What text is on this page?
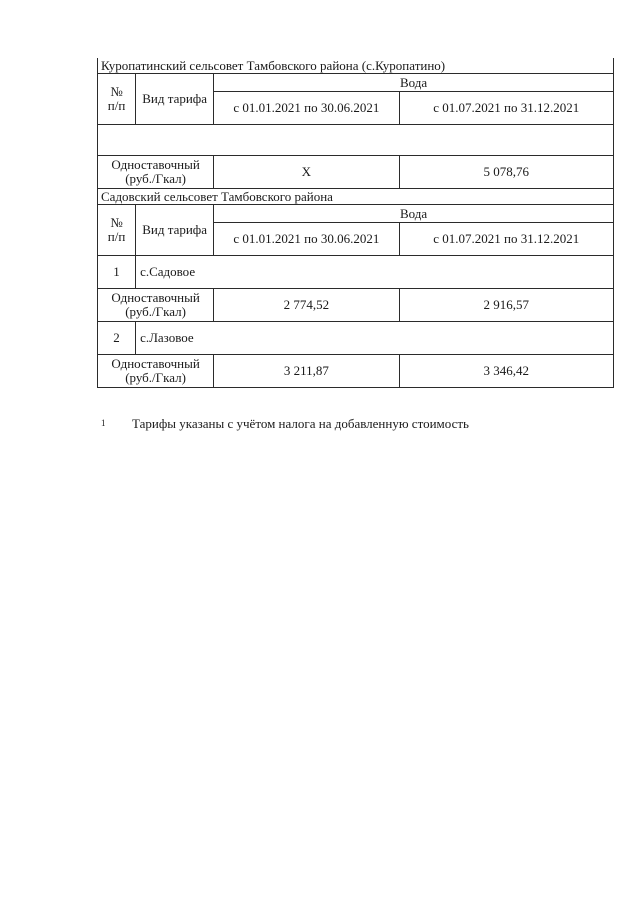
Куропатинский сельсовет Тамбовского района (с.Куропатино)			
№
п/п	Вид тарифа	Вода	
		с 01.01.2021 по 30.06.2021	с 01.07.2021 по 31.12.2021

Одноставочный
(руб./Гкал)		Х	5 078,76
Садовский сельсовет Тамбовского района			
№
п/п	Вид тарифа	Вода	
		с 01.01.2021 по 30.06.2021	с 01.07.2021 по 31.12.2021
1	с.Садовое		
Одноставочный
(руб./Гкал)		2 774,52	2 916,57
2	с.Лазовое		
Одноставочный
(руб./Гкал)		3 211,87	3 346,42
1 Тарифы указаны с учётом налога на добавленную стоимость
